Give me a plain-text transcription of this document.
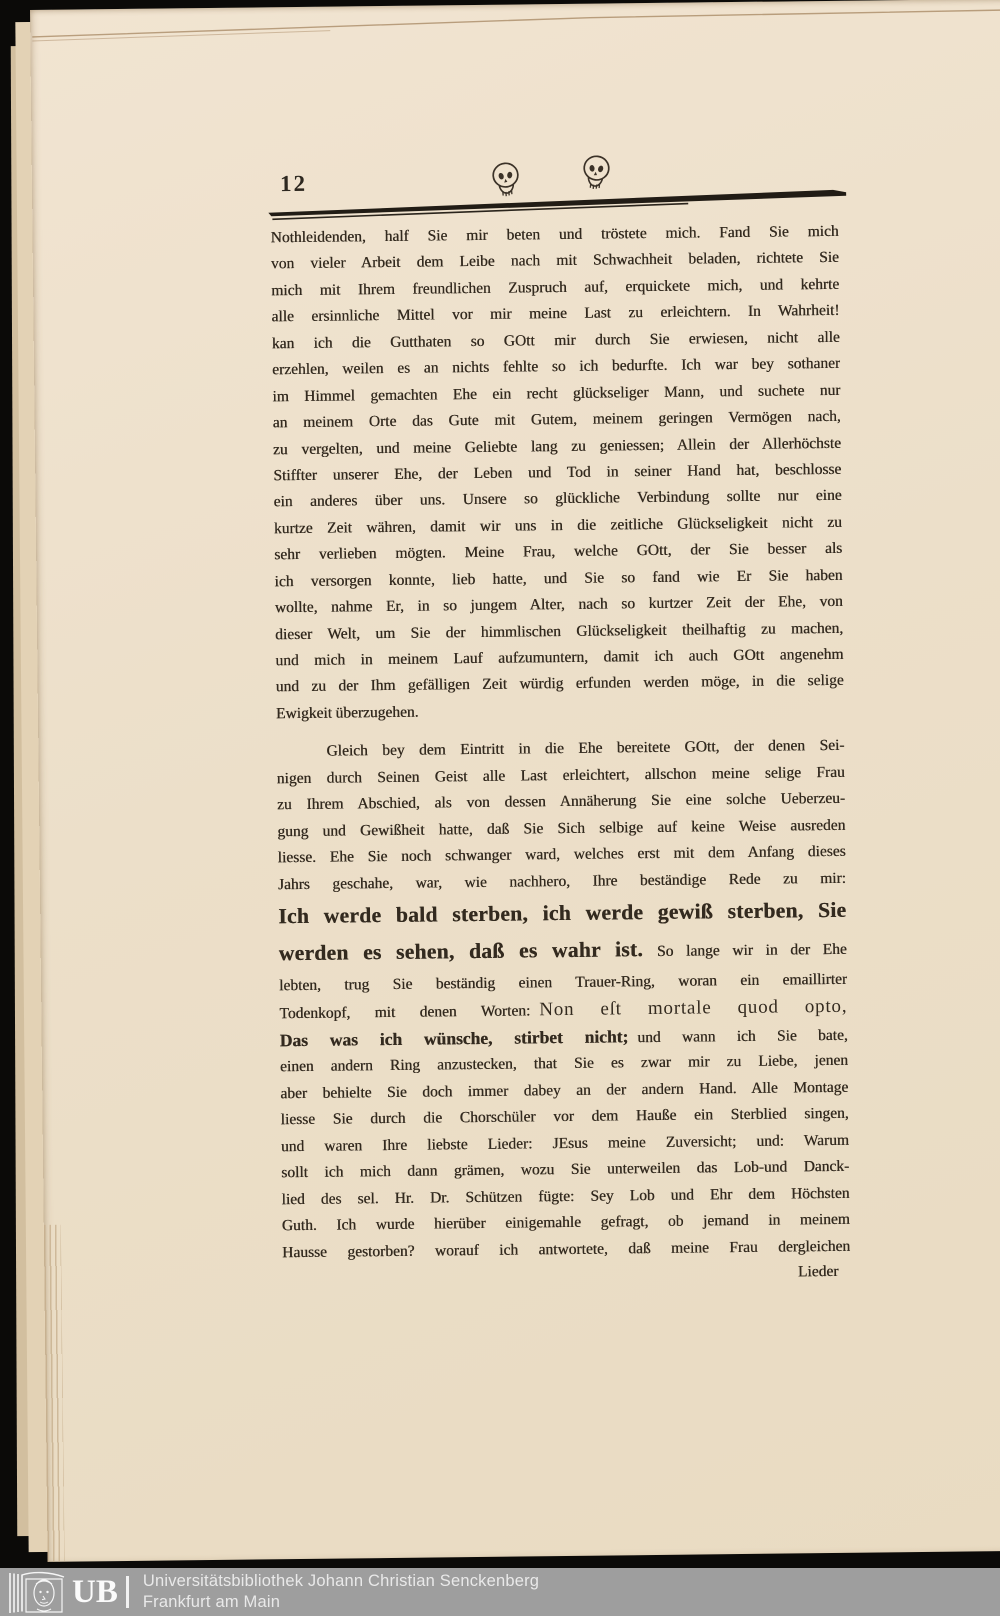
12
Nothleidenden, half Sie mir beten und tröstete mich. Fand Sie mich
von vieler Arbeit dem Leibe nach mit Schwachheit beladen, richtete Sie
mich mit Ihrem freundlichen Zuspruch auf, erquickete mich, und kehrte
alle ersinnliche Mittel vor mir meine Last zu erleichtern. In Wahrheit!
kan ich die Gutthaten so GOtt mir durch Sie erwiesen, nicht alle
erzehlen, weilen es an nichts fehlte so ich bedurfte. Ich war bey sothaner
im Himmel gemachten Ehe ein recht glückseliger Mann, und suchete nur
an meinem Orte das Gute mit Gutem, meinem geringen Vermögen nach,
zu vergelten, und meine Geliebte lang zu geniessen; Allein der Allerhöchste
Stiffter unserer Ehe, der Leben und Tod in seiner Hand hat, beschlosse
ein anderes über uns. Unsere so glückliche Verbindung sollte nur eine
kurtze Zeit währen, damit wir uns in die zeitliche Glückseligkeit nicht zu
sehr verlieben mögten. Meine Frau, welche GOtt, der Sie besser als
ich versorgen konnte, lieb hatte, und Sie so fand wie Er Sie haben
wollte, nahme Er, in so jungem Alter, nach so kurtzer Zeit der Ehe, von
dieser Welt, um Sie der himmlischen Glückseligkeit theilhaftig zu machen,
und mich in meinem Lauf aufzumuntern, damit ich auch GOtt angenehm
und zu der Ihm gefälligen Zeit würdig erfunden werden möge, in die selige
Ewigkeit überzugehen.
Gleich bey dem Eintritt in die Ehe bereitete GOtt, der denen Sei-
nigen durch Seinen Geist alle Last erleichtert, allschon meine selige Frau
zu Ihrem Abschied, als von dessen Annäherung Sie eine solche Ueberzeu-
gung und Gewißheit hatte, daß Sie Sich selbige auf keine Weise ausreden
liesse. Ehe Sie noch schwanger ward, welches erst mit dem Anfang dieses
Jahrs geschahe, war, wie nachhero, Ihre beständige Rede zu mir:
Ich werde bald sterben, ich werde gewiß sterben, Sie
werden es sehen, daß es wahr ist. So lange wir in der Ehe
lebten, trug Sie beständig einen Trauer-Ring, woran ein emaillirter
Todenkopf, mit denen Worten: Non eſt mortale quod opto,
Das was ich wünsche, stirbet nicht; und wann ich Sie bate,
einen andern Ring anzustecken, that Sie es zwar mir zu Liebe, jenen
aber behielte Sie doch immer dabey an der andern Hand. Alle Montage
liesse Sie durch die Chorschüler vor dem Hauße ein Sterblied singen,
und waren Ihre liebste Lieder: JEsus meine Zuversicht; und: Warum
sollt ich mich dann grämen, wozu Sie unterweilen das Lob-und Danck-
lied des sel. Hr. Dr. Schützen fügte: Sey Lob und Ehr dem Höchsten
Guth. Ich wurde hierüber einigemahle gefragt, ob jemand in meinem
Hausse gestorben? worauf ich antwortete, daß meine Frau dergleichen
Lieder
UB Universitätsbibliothek Johann Christian Senckenberg
Frankfurt am Main
